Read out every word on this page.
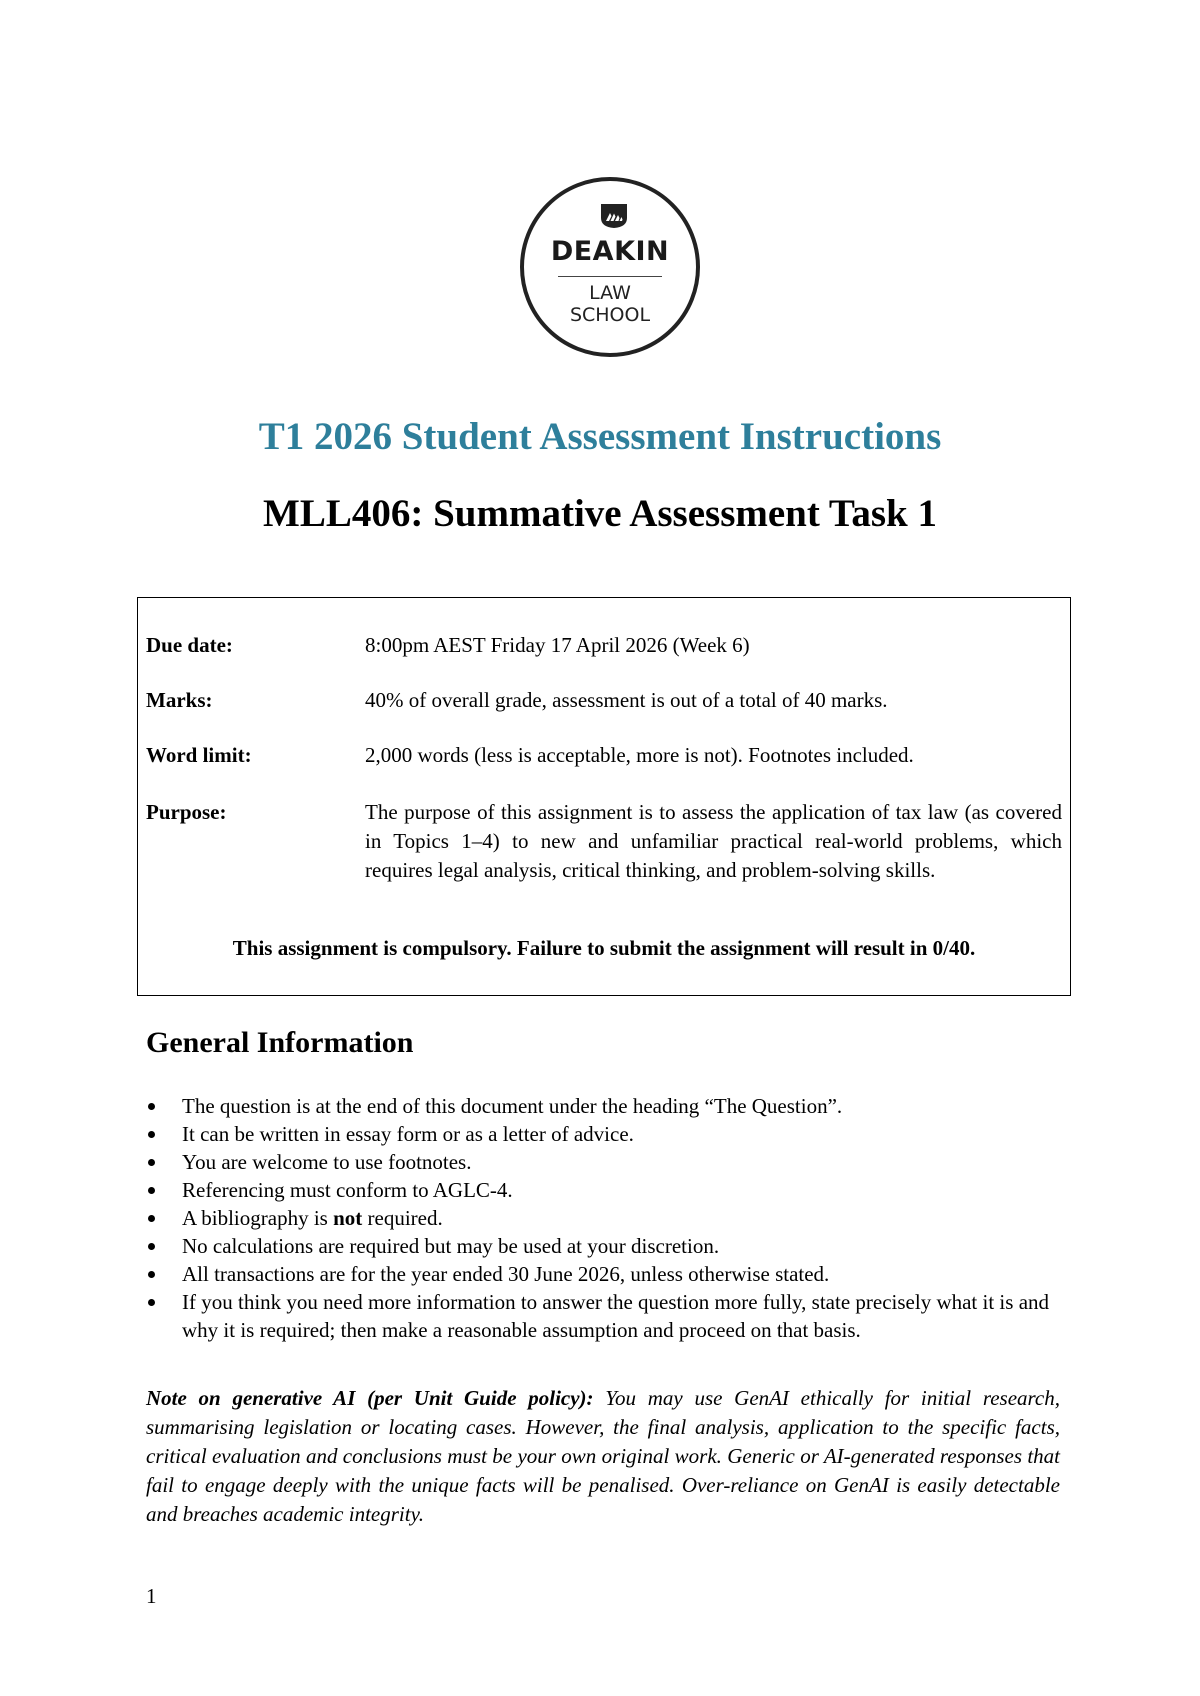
DEAKIN
LAW
SCHOOL
T1 2026 Student Assessment Instructions
MLL406: Summative Assessment Task 1
Due date:	8:00pm AEST Friday 17 April 2026 (Week 6)
Marks:	40% of overall grade, assessment is out of a total of 40 marks.
Word limit:	2,000 words (less is acceptable, more is not). Footnotes included.
Purpose:	The purpose of this assignment is to assess the application of tax law (as covered in Topics 1–4) to new and unfamiliar practical real-world problems, which requires legal analysis, critical thinking, and problem-solving skills.
This assignment is compulsory. Failure to submit the assignment will result in 0/40.
General Information
The question is at the end of this document under the heading “The Question”.
It can be written in essay form or as a letter of advice.
You are welcome to use footnotes.
Referencing must conform to AGLC-4.
A bibliography is not required.
No calculations are required but may be used at your discretion.
All transactions are for the year ended 30 June 2026, unless otherwise stated.
If you think you need more information to answer the question more fully, state precisely what it is and why it is required; then make a reasonable assumption and proceed on that basis.
Note on generative AI (per Unit Guide policy): You may use GenAI ethically for initial research, summarising legislation or locating cases. However, the final analysis, application to the specific facts, critical evaluation and conclusions must be your own original work. Generic or AI-generated responses that fail to engage deeply with the unique facts will be penalised. Over-reliance on GenAI is easily detectable and breaches academic integrity.
1
